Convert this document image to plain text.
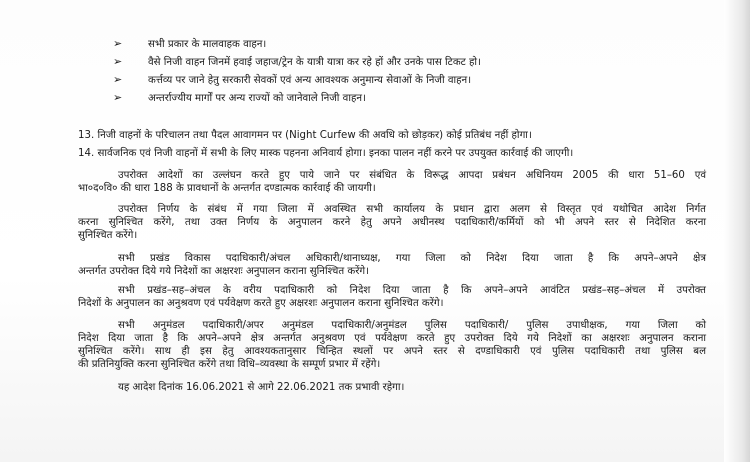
➢	सभी प्रकार के मालवाहक वाहन।
➢	वैसे निजी वाहन जिनमें हवाई जहाज/ट्रेन के यात्री यात्रा कर रहे हों और उनके पास टिकट हो।
➢	कर्त्तव्य पर जाने हेतु सरकारी सेवकों एवं अन्य आवश्यक अनुमान्य सेवाओं के निजी वाहन।
➢	अन्तर्राज्यीय मार्गों पर अन्य राज्यों को जानेवाले निजी वाहन।
13. निजी वाहनों के परिचालन तथा पैदल आवागमन पर (Night Curfew की अवधि को छोड़कर) कोई प्रतिबंध नहीं होगा।
14. सार्वजनिक एवं निजी वाहनों में सभी के लिए मास्क पहनना अनिवार्य होगा। इनका पालन नहीं करने पर उपयुक्त कार्रवाई की जाएगी।
उपरोक्त आदेशों का उल्लंघन करते हुए पाये जाने पर संबंधित के विरूद्ध आपदा प्रबंधन अधिनियम 2005 की धारा 51–60 एवं
भा०द०वि० की धारा 188 के प्रावधानों के अन्तर्गत दण्डात्मक कार्रवाई की जायगी।
उपरोक्त निर्णय के संबंध में गया जिला में अवस्थित सभी कार्यालय के प्रधान द्वारा अलग से विस्तृत एवं यथोचित आदेश निर्गत
करना सुनिश्चित करेंगे, तथा उक्त निर्णय के अनुपालन करने हेतु अपने अधीनस्थ पदाधिकारी/कर्मियों को भी अपने स्तर से निदेशित करना
सुनिश्चित करेंगे।
सभी प्रखंड विकास पदाधिकारी/अंचल अधिकारी/थानाध्यक्ष, गया जिला को निदेश दिया जाता है कि अपने–अपने क्षेत्र
अन्तर्गत उपरोक्त दिये गये निदेशों का अक्षरशः अनुपालन कराना सुनिश्चित करेंगे।
सभी प्रखंड–सह–अंचल के वरीय पदाधिकारी को निदेश दिया जाता है कि अपने–अपने आवंटित प्रखंड–सह–अंचल में उपरोक्त
निदेशों के अनुपालन का अनुश्रवण एवं पर्यवेक्षण करते हुए अक्षरशः अनुपालन कराना सुनिश्चित करेंगे।
सभी अनुमंडल पदाधिकारी/अपर अनुमंडल पदाधिकारी/अनुमंडल पुलिस पदाधिकारी/ पुलिस उपाधीक्षक, गया जिला को
निदेश दिया जाता है कि अपने–अपने क्षेत्र अन्तर्गत अनुश्रवण एवं पर्यवेक्षण करते हुए उपरोक्त दिये गये निदेशों का अक्षरशः अनुपालन कराना
सुनिश्चित करेंगे। साथ ही इस हेतु आवश्यकतानुसार चिन्हित स्थलों पर अपने स्तर से दण्डाधिकारी एवं पुलिस पदाधिकारी तथा पुलिस बल
की प्रतिनियुक्ति करना सुनिश्चित करेंगे तथा विधि–व्यवस्था के सम्पूर्ण प्रभार में रहेंगे।
यह आदेश दिनांक 16.06.2021 से आगे 22.06.2021 तक प्रभावी रहेगा।
